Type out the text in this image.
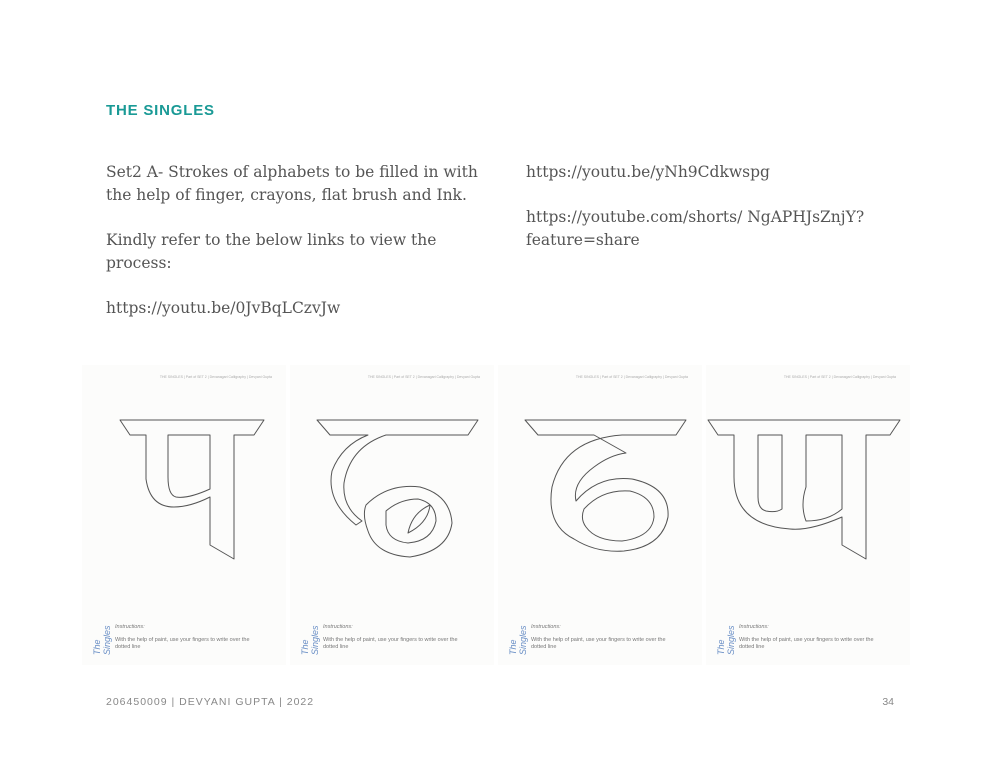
THE SINGLES

Set2 A- Strokes of alphabets to be filled in with the help of finger, crayons, flat brush and Ink.

Kindly refer to the below links to view the process:

https://youtu.be/0JvBqLCzvJw

https://youtu.be/yNh9Cdkwspg

https://youtube.com/shorts/ NgAPHJsZnjY?feature=share

THE SINGLES | Part of SET 2 | Devanagari Calligraphy | Devyani Gupta
The Singles Instructions:
With the help of paint, use your fingers to write over the dotted line
THE SINGLES | Part of SET 2 | Devanagari Calligraphy | Devyani Gupta
The Singles Instructions:
With the help of paint, use your fingers to write over the dotted line
THE SINGLES | Part of SET 2 | Devanagari Calligraphy | Devyani Gupta
The Singles Instructions:
With the help of paint, use your fingers to write over the dotted line
THE SINGLES | Part of SET 2 | Devanagari Calligraphy | Devyani Gupta
The Singles Instructions:
With the help of paint, use your fingers to write over the dotted line
206450009 | DEVYANI GUPTA | 2022	34
